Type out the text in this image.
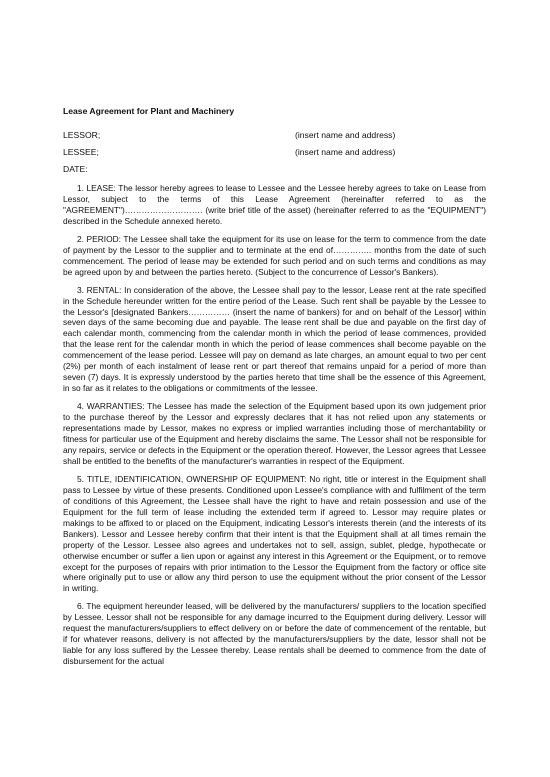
Lease Agreement for Plant and Machinery
LESSOR;	(insert name and address)
LESSEE;	(insert name and address)
DATE:

1. LEASE: The lessor hereby agrees to lease to Lessee and the Lessee hereby agrees to take on Lease from Lessor, subject to the terms of this Lease Agreement (hereinafter referred to as the "AGREEMENT")………………………. (write brief title of the asset) (hereinafter referred to as the "EQUIPMENT") described in the Schedule annexed hereto.

2. PERIOD: The Lessee shall take the equipment for its use on lease for the term to commence from the date of payment by the Lessor to the supplier and to terminate at the end of………….. months from the date of such commencement. The period of lease may be extended for such period and on such terms and conditions as may be agreed upon by and between the parties hereto. (Subject to the concurrence of Lessor's Bankers).

3. RENTAL: In consideration of the above, the Lessee shall pay to the lessor, Lease rent at the rate specified in the Schedule hereunder written for the entire period of the Lease. Such rent shall be payable by the Lessee to the Lessor's [designated Bankers…………… (insert the name of bankers) for and on behalf of the Lessor] within seven days of the same becoming due and payable. The lease rent shall be due and payable on the first day of each calendar month, commencing from the calendar month in which the period of lease commences, provided that the lease rent for the calendar month in which the period of lease commences shall become payable on the commencement of the lease period. Lessee will pay on demand as late charges, an amount equal to two per cent (2%) per month of each instalment of lease rent or part thereof that remains unpaid for a period of more than seven (7) days. It is expressly understood by the parties hereto that time shall be the essence of this Agreement, in so far as it relates to the obligations or commitments of the lessee.

4. WARRANTIES: The Lessee has made the selection of the Equipment based upon its own judgement prior to the purchase thereof by the Lessor and expressly declares that it has not relied upon any statements or representations made by Lessor, makes no express or implied warranties including those of merchantability or fitness for particular use of the Equipment and hereby disclaims the same. The Lessor shall not be responsible for any repairs, service or defects in the Equipment or the operation thereof. However, the Lessor agrees that Lessee shall be entitled to the benefits of the manufacturer's warranties in respect of the Equipment.

5. TITLE, IDENTIFICATION, OWNERSHIP OF EQUIPMENT: No right, title or interest in the Equipment shall pass to Lessee by virtue of these presents. Conditioned upon Lessee's compliance with and fulfilment of the term of conditions of this Agreement, the Lessee shall have the right to have and retain possession and use of the Equipment for the full term of lease including the extended term if agreed to. Lessor may require plates or makings to be affixed to or placed on the Equipment, indicating Lessor's interests therein (and the interests of its Bankers). Lessor and Lessee hereby confirm that their intent is that the Equipment shall at all times remain the property of the Lessor. Lessee also agrees and undertakes not to sell, assign, sublet, pledge, hypothecate or otherwise encumber or suffer a lien upon or against any interest in this Agreement or the Equipment, or to remove except for the purposes of repairs with prior intimation to the Lessor the Equipment from the factory or office site where originally put to use or allow any third person to use the equipment without the prior consent of the Lessor in writing.

6. The equipment hereunder leased, will be delivered by the manufacturers/ suppliers to the location specified by Lessee. Lessor shall not be responsible for any damage incurred to the Equipment during delivery. Lessor will request the manufacturers/suppliers to effect delivery on or before the date of commencement of the rentable, but if for whatever reasons, delivery is not affected by the manufacturers/suppliers by the date, lessor shall not be liable for any loss suffered by the Lessee thereby. Lease rentals shall be deemed to commence from the date of disbursement for the actual
